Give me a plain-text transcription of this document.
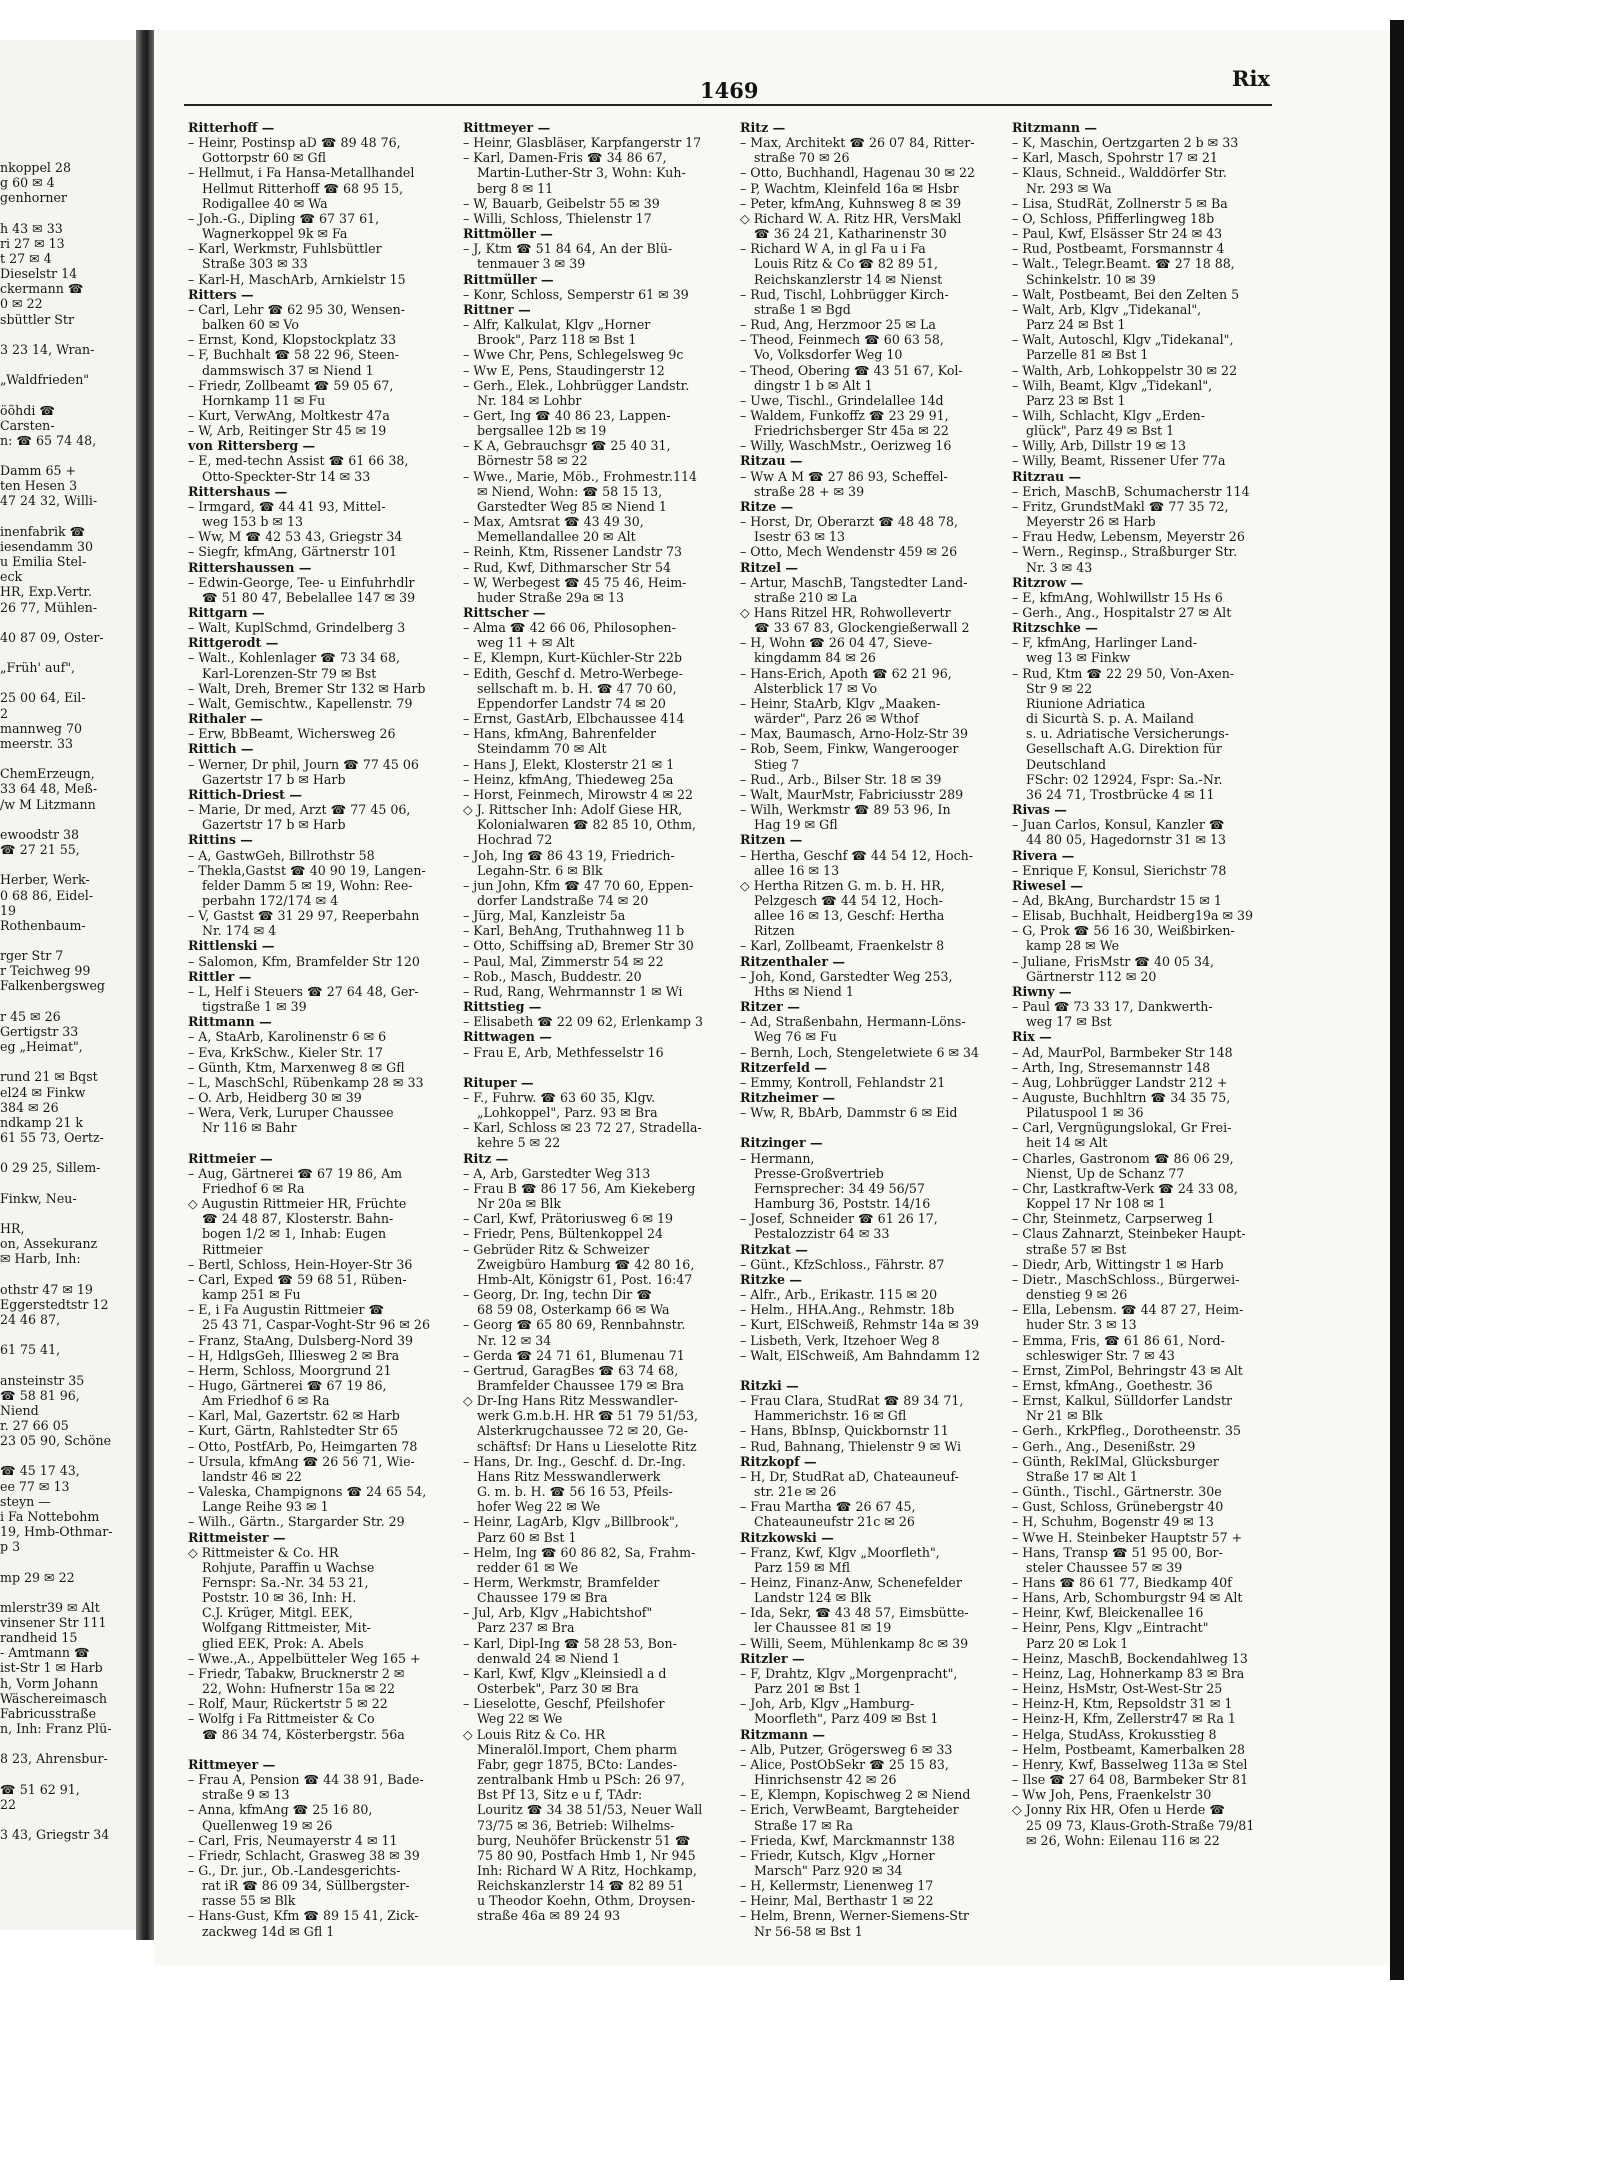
nkoppel 28
g 60 ✉ 4
genhorner

h 43 ✉ 33
ri 27 ✉ 13
t 27 ✉ 4
Dieselstr 14
ckermann ☎
0 ✉ 22
sbüttler Str

3 23 14, Wran-

„Waldfrieden"

öõhdi ☎
Carsten-
n: ☎ 65 74 48,

Damm 65 +
ten Hesen 3
47 24 32, Willi-

inenfabrik ☎
iesendamm 30
u Emilia Stel-
eck
HR, Exp.Vertr.
26 77, Mühlen-

40 87 09, Oster-

„Früh' auf",

25 00 64, Eil-
2
mannweg 70
meerstr. 33

ChemErzeugn,
33 64 48, Meß-
/w M Litzmann

ewoodstr 38
☎ 27 21 55,

Herber, Werk-
0 68 86, Eidel-
19
Rothenbaum-

rger Str 7
r Teichweg 99
Falkenbergsweg

r 45 ✉ 26
Gertigstr 33
eg „Heimat",

rund 21 ✉ Bqst
el24 ✉ Finkw
384 ✉ 26
ndkamp 21 k
61 55 73, Oertz-

0 29 25, Sillem-

Finkw, Neu-

HR,
on, Assekuranz
✉ Harb, Inh:

othstr 47 ✉ 19
Eggerstedtstr 12
24 46 87,

61 75 41,

ansteinstr 35
☎ 58 81 96,
Niend
r. 27 66 05
23 05 90, Schöne

☎ 45 17 43,
ee 77 ✉ 13
steyn —
i Fa Nottebohm
19, Hmb-Othmar-
p 3

mp 29 ✉ 22

mlerstr39 ✉ Alt
vinsener Str 111
randheid 15
- Amtmann ☎
ist-Str 1 ✉ Harb
h, Vorm Johann
Wäschereimasch
Fabricusstraße
n, Inh: Franz Plü-

8 23, Ahrensbur-

☎ 51 62 91,
22

3 43, Griegstr 34
1469	Rix
Ritterhoff —
– Heinr, Postinsp aD ☎ 89 48 76,
Gottorpstr 60 ✉ Gfl
– Hellmut, i Fa Hansa-Metallhandel
Hellmut Ritterhoff ☎ 68 95 15,
Rodigallee 40 ✉ Wa
– Joh.-G., Dipling ☎ 67 37 61,
Wagnerkoppel 9k ✉ Fa
– Karl, Werkmstr, Fuhlsbüttler
Straße 303 ✉ 33
– Karl-H, MaschArb, Arnkielstr 15
Ritters —
– Carl, Lehr ☎ 62 95 30, Wensen-
balken 60 ✉ Vo
– Ernst, Kond, Klopstockplatz 33
– F, Buchhalt ☎ 58 22 96, Steen-
dammswisch 37 ✉ Niend 1
– Friedr, Zollbeamt ☎ 59 05 67,
Hornkamp 11 ✉ Fu
– Kurt, VerwAng, Moltkestr 47a
– W, Arb, Reitinger Str 45 ✉ 19
von Rittersberg —
– E, med-techn Assist ☎ 61 66 38,
Otto-Speckter-Str 14 ✉ 33
Rittershaus —
– Irmgard, ☎ 44 41 93, Mittel-
weg 153 b ✉ 13
– Ww, M ☎ 42 53 43, Griegstr 34
– Siegfr, kfmAng, Gärtnerstr 101
Rittershaussen —
– Edwin-George, Tee- u Einfuhrhdlr
☎ 51 80 47, Bebelallee 147 ✉ 39
Rittgarn —
– Walt, KuplSchmd, Grindelberg 3
Rittgerodt —
– Walt., Kohlenlager ☎ 73 34 68,
Karl-Lorenzen-Str 79 ✉ Bst
– Walt, Dreh, Bremer Str 132 ✉ Harb
– Walt, Gemischtw., Kapellenstr. 79
Rithaler —
– Erw, BbBeamt, Wichersweg 26
Rittich —
– Werner, Dr phil, Journ ☎ 77 45 06
Gazertstr 17 b ✉ Harb
Rittich-Driest —
– Marie, Dr med, Arzt ☎ 77 45 06,
Gazertstr 17 b ✉ Harb
Rittins —
– A, GastwGeh, Billrothstr 58
– Thekla,Gastst ☎ 40 90 19, Langen-
felder Damm 5 ✉ 19, Wohn: Ree-
perbahn 172/174 ✉ 4
– V, Gastst ☎ 31 29 97, Reeperbahn
Nr. 174 ✉ 4
Rittlenski —
– Salomon, Kfm, Bramfelder Str 120
Rittler —
– L, Helf i Steuers ☎ 27 64 48, Ger-
tigstraße 1 ✉ 39
Rittmann —
– A, StaArb, Karolinenstr 6 ✉ 6
– Eva, KrkSchw., Kieler Str. 17
– Günth, Ktm, Marxenweg 8 ✉ Gfl
– L, MaschSchl, Rübenkamp 28 ✉ 33
– O. Arb, Heidberg 30 ✉ 39
– Wera, Verk, Luruper Chaussee
Nr 116 ✉ Bahr

Rittmeier —
– Aug, Gärtnerei ☎ 67 19 86, Am
Friedhof 6 ✉ Ra
◇ Augustin Rittmeier HR, Früchte
☎ 24 48 87, Klosterstr. Bahn-
bogen 1/2 ✉ 1, Inhab: Eugen
Rittmeier
– Bertl, Schloss, Hein-Hoyer-Str 36
– Carl, Exped ☎ 59 68 51, Rüben-
kamp 251 ✉ Fu
– E, i Fa Augustin Rittmeier ☎
25 43 71, Caspar-Voght-Str 96 ✉ 26
– Franz, StaAng, Dulsberg-Nord 39
– H, HdlgsGeh, Illiesweg 2 ✉ Bra
– Herm, Schloss, Moorgrund 21
– Hugo, Gärtnerei ☎ 67 19 86,
Am Friedhof 6 ✉ Ra
– Karl, Mal, Gazertstr. 62 ✉ Harb
– Kurt, Gärtn, Rahlstedter Str 65
– Otto, PostfArb, Po, Heimgarten 78
– Ursula, kfmAng ☎ 26 56 71, Wie-
landstr 46 ✉ 22
– Valeska, Champignons ☎ 24 65 54,
Lange Reihe 93 ✉ 1
– Wilh., Gärtn., Stargarder Str. 29
Rittmeister —
◇ Rittmeister & Co. HR
Rohjute, Paraffin u Wachse
Fernspr: Sa.-Nr. 34 53 21,
Poststr. 10 ✉ 36, Inh: H.
C.J. Krüger, Mitgl. EEK,
Wolfgang Rittmeister, Mit-
glied EEK, Prok: A. Abels
– Wwe.,A., Appelbütteler Weg 165 +
– Friedr, Tabakw, Brucknerstr 2 ✉
22, Wohn: Hufnerstr 15a ✉ 22
– Rolf, Maur, Rückertstr 5 ✉ 22
– Wolfg i Fa Rittmeister & Co
☎ 86 34 74, Kösterbergstr. 56a

Rittmeyer —
– Frau A, Pension ☎ 44 38 91, Bade-
straße 9 ✉ 13
– Anna, kfmAng ☎ 25 16 80,
Quellenweg 19 ✉ 26
– Carl, Fris, Neumayerstr 4 ✉ 11
– Friedr, Schlacht, Grasweg 38 ✉ 39
– G., Dr. jur., Ob.-Landesgerichts-
rat iR ☎ 86 09 34, Süllbergster-
rasse 55 ✉ Blk
– Hans-Gust, Kfm ☎ 89 15 41, Zick-
zackweg 14d ✉ Gfl 1
Rittmeyer —
– Heinr, Glasbläser, Karpfangerstr 17
– Karl, Damen-Fris ☎ 34 86 67,
Martin-Luther-Str 3, Wohn: Kuh-
berg 8 ✉ 11
– W, Bauarb, Geibelstr 55 ✉ 39
– Willi, Schloss, Thielenstr 17
Rittmöller —
– J, Ktm ☎ 51 84 64, An der Blü-
tenmauer 3 ✉ 39
Rittmüller —
– Konr, Schloss, Semperstr 61 ✉ 39
Rittner —
– Alfr, Kalkulat, Klgv „Horner
Brook", Parz 118 ✉ Bst 1
– Wwe Chr, Pens, Schlegelsweg 9c
– Ww E, Pens, Staudingerstr 12
– Gerh., Elek., Lohbrügger Landstr.
Nr. 184 ✉ Lohbr
– Gert, Ing ☎ 40 86 23, Lappen-
bergsallee 12b ✉ 19
– K A, Gebrauchsgr ☎ 25 40 31,
Börnestr 58 ✉ 22
– Wwe., Marie, Möb., Frohmestr.114
✉ Niend, Wohn: ☎ 58 15 13,
Garstedter Weg 85 ✉ Niend 1
– Max, Amtsrat ☎ 43 49 30,
Memellandallee 20 ✉ Alt
– Reinh, Ktm, Rissener Landstr 73
– Rud, Kwf, Dithmarscher Str 54
– W, Werbegest ☎ 45 75 46, Heim-
huder Straße 29a ✉ 13
Rittscher —
– Alma ☎ 42 66 06, Philosophen-
weg 11 + ✉ Alt
– E, Klempn, Kurt-Küchler-Str 22b
– Edith, Geschf d. Metro-Werbege-
sellschaft m. b. H. ☎ 47 70 60,
Eppendorfer Landstr 74 ✉ 20
– Ernst, GastArb, Elbchaussee 414
– Hans, kfmAng, Bahrenfelder
Steindamm 70 ✉ Alt
– Hans J, Elekt, Klosterstr 21 ✉ 1
– Heinz, kfmAng, Thiedeweg 25a
– Horst, Feinmech, Mirowstr 4 ✉ 22
◇ J. Rittscher Inh: Adolf Giese HR,
Kolonialwaren ☎ 82 85 10, Othm,
Hochrad 72
– Joh, Ing ☎ 86 43 19, Friedrich-
Legahn-Str. 6 ✉ Blk
– jun John, Kfm ☎ 47 70 60, Eppen-
dorfer Landstraße 74 ✉ 20
– Jürg, Mal, Kanzleistr 5a
– Karl, BehAng, Truthahnweg 11 b
– Otto, Schiffsing aD, Bremer Str 30
– Paul, Mal, Zimmerstr 54 ✉ 22
– Rob., Masch, Buddestr. 20
– Rud, Rang, Wehrmannstr 1 ✉ Wi
Rittstieg —
– Elisabeth ☎ 22 09 62, Erlenkamp 3
Rittwagen —
– Frau E, Arb, Methfesselstr 16

Rituper —
– F., Fuhrw. ☎ 63 60 35, Klgv.
„Lohkoppel", Parz. 93 ✉ Bra
– Karl, Schloss ✉ 23 72 27, Stradella-
kehre 5 ✉ 22
Ritz —
– A, Arb, Garstedter Weg 313
– Frau B ☎ 86 17 56, Am Kiekeberg
Nr 20a ✉ Blk
– Carl, Kwf, Prätoriusweg 6 ✉ 19
– Friedr, Pens, Bültenkoppel 24
– Gebrüder Ritz & Schweizer
Zweigbüro Hamburg ☎ 42 80 16,
Hmb-Alt, Königstr 61, Post. 16:47
– Georg, Dr. Ing, techn Dir ☎
68 59 08, Osterkamp 66 ✉ Wa
– Georg ☎ 65 80 69, Rennbahnstr.
Nr. 12 ✉ 34
– Gerda ☎ 24 71 61, Blumenau 71
– Gertrud, GaragBes ☎ 63 74 68,
Bramfelder Chaussee 179 ✉ Bra
◇ Dr-Ing Hans Ritz Messwandler-
werk G.m.b.H. HR ☎ 51 79 51/53,
Alsterkrugchaussee 72 ✉ 20, Ge-
schäftsf: Dr Hans u Lieselotte Ritz
– Hans, Dr. Ing., Geschf. d. Dr.-Ing.
Hans Ritz Messwandlerwerk
G. m. b. H. ☎ 56 16 53, Pfeils-
hofer Weg 22 ✉ We
– Heinr, LagArb, Klgv „Billbrook",
Parz 60 ✉ Bst 1
– Helm, Ing ☎ 60 86 82, Sa, Frahm-
redder 61 ✉ We
– Herm, Werkmstr, Bramfelder
Chaussee 179 ✉ Bra
– Jul, Arb, Klgv „Habichtshof"
Parz 237 ✉ Bra
– Karl, Dipl-Ing ☎ 58 28 53, Bon-
denwald 24 ✉ Niend 1
– Karl, Kwf, Klgv „Kleinsiedl a d
Osterbek", Parz 30 ✉ Bra
– Lieselotte, Geschf, Pfeilshofer
Weg 22 ✉ We
◇ Louis Ritz & Co. HR
Mineralöl.Import, Chem pharm
Fabr, gegr 1875, BCto: Landes-
zentralbank Hmb u PSch: 26 97,
Bst Pf 13, Sitz e u f, TAdr:
Louritz ☎ 34 38 51/53, Neuer Wall
73/75 ✉ 36, Betrieb: Wilhelms-
burg, Neuhöfer Brückenstr 51 ☎
75 80 90, Postfach Hmb 1, Nr 945
Inh: Richard W A Ritz, Hochkamp,
Reichskanzlerstr 14 ☎ 82 89 51
u Theodor Koehn, Othm, Droysen-
straße 46a ✉ 89 24 93
Ritz —
– Max, Architekt ☎ 26 07 84, Ritter-
straße 70 ✉ 26
– Otto, Buchhandl, Hagenau 30 ✉ 22
– P, Wachtm, Kleinfeld 16a ✉ Hsbr
– Peter, kfmAng, Kuhnsweg 8 ✉ 39
◇ Richard W. A. Ritz HR, VersMakl
☎ 36 24 21, Katharinenstr 30
– Richard W A, in gl Fa u i Fa
Louis Ritz & Co ☎ 82 89 51,
Reichskanzlerstr 14 ✉ Nienst
– Rud, Tischl, Lohbrügger Kirch-
straße 1 ✉ Bgd
– Rud, Ang, Herzmoor 25 ✉ La
– Theod, Feinmech ☎ 60 63 58,
Vo, Volksdorfer Weg 10
– Theod, Obering ☎ 43 51 67, Kol-
dingstr 1 b ✉ Alt 1
– Uwe, Tischl., Grindelallee 14d
– Waldem, Funkoffz ☎ 23 29 91,
Friedrichsberger Str 45a ✉ 22
– Willy, WaschMstr., Oerizweg 16
Ritzau —
– Ww A M ☎ 27 86 93, Scheffel-
straße 28 + ✉ 39
Ritze —
– Horst, Dr, Oberarzt ☎ 48 48 78,
Isestr 63 ✉ 13
– Otto, Mech Wendenstr 459 ✉ 26
Ritzel —
– Artur, MaschB, Tangstedter Land-
straße 210 ✉ La
◇ Hans Ritzel HR, Rohwollevertr
☎ 33 67 83, Glockengießerwall 2
– H, Wohn ☎ 26 04 47, Sieve-
kingdamm 84 ✉ 26
– Hans-Erich, Apoth ☎ 62 21 96,
Alsterblick 17 ✉ Vo
– Heinr, StaArb, Klgv „Maaken-
wärder", Parz 26 ✉ Wthof
– Max, Baumasch, Arno-Holz-Str 39
– Rob, Seem, Finkw, Wangerooger
Stieg 7
– Rud., Arb., Bilser Str. 18 ✉ 39
– Walt, MaurMstr, Fabriciusstr 289
– Wilh, Werkmstr ☎ 89 53 96, In
Hag 19 ✉ Gfl
Ritzen —
– Hertha, Geschf ☎ 44 54 12, Hoch-
allee 16 ✉ 13
◇ Hertha Ritzen G. m. b. H. HR,
Pelzgesch ☎ 44 54 12, Hoch-
allee 16 ✉ 13, Geschf: Hertha
Ritzen
– Karl, Zollbeamt, Fraenkelstr 8
Ritzenthaler —
– Joh, Kond, Garstedter Weg 253,
Hths ✉ Niend 1
Ritzer —
– Ad, Straßenbahn, Hermann-Löns-
Weg 76 ✉ Fu
– Bernh, Loch, Stengeletwiete 6 ✉ 34
Ritzerfeld —
– Emmy, Kontroll, Fehlandstr 21
Ritzheimer —
– Ww, R, BbArb, Dammstr 6 ✉ Eid

Ritzinger —
– Hermann,
Presse-Großvertrieb
Fernsprecher: 34 49 56/57
Hamburg 36, Poststr. 14/16
– Josef, Schneider ☎ 61 26 17,
Pestalozzistr 64 ✉ 33
Ritzkat —
– Günt., KfzSchloss., Fährstr. 87
Ritzke —
– Alfr., Arb., Erikastr. 115 ✉ 20
– Helm., HHA.Ang., Rehmstr. 18b
– Kurt, ElSchweiß, Rehmstr 14a ✉ 39
– Lisbeth, Verk, Itzehoer Weg 8
– Walt, ElSchweiß, Am Bahndamm 12

Ritzki —
– Frau Clara, StudRat ☎ 89 34 71,
Hammerichstr. 16 ✉ Gfl
– Hans, BbInsp, Quickbornstr 11
– Rud, Bahnang, Thielenstr 9 ✉ Wi
Ritzkopf —
– H, Dr, StudRat aD, Chateauneuf-
str. 21e ✉ 26
– Frau Martha ☎ 26 67 45,
Chateauneufstr 21c ✉ 26
Ritzkowski —
– Franz, Kwf, Klgv „Moorfleth",
Parz 159 ✉ Mfl
– Heinz, Finanz-Anw, Schenefelder
Landstr 124 ✉ Blk
– Ida, Sekr, ☎ 43 48 57, Eimsbütte-
ler Chaussee 81 ✉ 19
– Willi, Seem, Mühlenkamp 8c ✉ 39
Ritzler —
– F, Drahtz, Klgv „Morgenpracht",
Parz 201 ✉ Bst 1
– Joh, Arb, Klgv „Hamburg-
Moorfleth", Parz 409 ✉ Bst 1
Ritzmann —
– Alb, Putzer, Grögersweg 6 ✉ 33
– Alice, PostObSekr ☎ 25 15 83,
Hinrichsenstr 42 ✉ 26
– E, Klempn, Kopischweg 2 ✉ Niend
– Erich, VerwBeamt, Bargteheider
Straße 17 ✉ Ra
– Frieda, Kwf, Marckmannstr 138
– Friedr, Kutsch, Klgv „Horner
Marsch" Parz 920 ✉ 34
– H, Kellermstr, Lienenweg 17
– Heinr, Mal, Berthastr 1 ✉ 22
– Helm, Brenn, Werner-Siemens-Str
Nr 56-58 ✉ Bst 1
Ritzmann —
– K, Maschin, Oertzgarten 2 b ✉ 33
– Karl, Masch, Spohrstr 17 ✉ 21
– Klaus, Schneid., Walddörfer Str.
Nr. 293 ✉ Wa
– Lisa, StudRät, Zollnerstr 5 ✉ Ba
– O, Schloss, Pfifferlingweg 18b
– Paul, Kwf, Elsässer Str 24 ✉ 43
– Rud, Postbeamt, Forsmannstr 4
– Walt., Telegr.Beamt. ☎ 27 18 88,
Schinkelstr. 10 ✉ 39
– Walt, Postbeamt, Bei den Zelten 5
– Walt, Arb, Klgv „Tidekanal",
Parz 24 ✉ Bst 1
– Walt, Autoschl, Klgv „Tidekanal",
Parzelle 81 ✉ Bst 1
– Walth, Arb, Lohkoppelstr 30 ✉ 22
– Wilh, Beamt, Klgv „Tidekanl",
Parz 23 ✉ Bst 1
– Wilh, Schlacht, Klgv „Erden-
glück", Parz 49 ✉ Bst 1
– Willy, Arb, Dillstr 19 ✉ 13
– Willy, Beamt, Rissener Ufer 77a
Ritzrau —
– Erich, MaschB, Schumacherstr 114
– Fritz, GrundstMakl ☎ 77 35 72,
Meyerstr 26 ✉ Harb
– Frau Hedw, Lebensm, Meyerstr 26
– Wern., Reginsp., Straßburger Str.
Nr. 3 ✉ 43
Ritzrow —
– E, kfmAng, Wohlwillstr 15 Hs 6
– Gerh., Ang., Hospitalstr 27 ✉ Alt
Ritzschke —
– F, kfmAng, Harlinger Land-
weg 13 ✉ Finkw
– Rud, Ktm ☎ 22 29 50, Von-Axen-
Str 9 ✉ 22
Riunione Adriatica
di Sicurtà S. p. A. Mailand
s. u. Adriatische Versicherungs-
Gesellschaft A.G. Direktion für
Deutschland
FSchr: 02 12924, Fspr: Sa.-Nr.
36 24 71, Trostbrücke 4 ✉ 11
Rivas —
– Juan Carlos, Konsul, Kanzler ☎
44 80 05, Hagedornstr 31 ✉ 13
Rivera —
– Enrique F, Konsul, Sierichstr 78
Riwesel —
– Ad, BkAng, Burchardstr 15 ✉ 1
– Elisab, Buchhalt, Heidberg19a ✉ 39
– G, Prok ☎ 56 16 30, Weißbirken-
kamp 28 ✉ We
– Juliane, FrisMstr ☎ 40 05 34,
Gärtnerstr 112 ✉ 20
Riwny —
– Paul ☎ 73 33 17, Dankwerth-
weg 17 ✉ Bst
Rix —
– Ad, MaurPol, Barmbeker Str 148
– Arth, Ing, Stresemannstr 148
– Aug, Lohbrügger Landstr 212 +
– Auguste, Buchhltrn ☎ 34 35 75,
Pilatuspool 1 ✉ 36
– Carl, Vergnügungslokal, Gr Frei-
heit 14 ✉ Alt
– Charles, Gastronom ☎ 86 06 29,
Nienst, Up de Schanz 77
– Chr, Lastkraftw-Verk ☎ 24 33 08,
Koppel 17 Nr 108 ✉ 1
– Chr, Steinmetz, Carpserweg 1
– Claus Zahnarzt, Steinbeker Haupt-
straße 57 ✉ Bst
– Diedr, Arb, Wittingstr 1 ✉ Harb
– Dietr., MaschSchloss., Bürgerwei-
denstieg 9 ✉ 26
– Ella, Lebensm. ☎ 44 87 27, Heim-
huder Str. 3 ✉ 13
– Emma, Fris, ☎ 61 86 61, Nord-
schleswiger Str. 7 ✉ 43
– Ernst, ZimPol, Behringstr 43 ✉ Alt
– Ernst, kfmAng., Goethestr. 36
– Ernst, Kalkul, Sülldorfer Landstr
Nr 21 ✉ Blk
– Gerh., KrkPfleg., Dorotheenstr. 35
– Gerh., Ang., Desenißstr. 29
– Günth, RekIMal, Glücksburger
Straße 17 ✉ Alt 1
– Günth., Tischl., Gärtnerstr. 30e
– Gust, Schloss, Grünebergstr 40
– H, Schuhm, Bogenstr 49 ✉ 13
– Wwe H. Steinbeker Hauptstr 57 +
– Hans, Transp ☎ 51 95 00, Bor-
steler Chaussee 57 ✉ 39
– Hans ☎ 86 61 77, Biedkamp 40f
– Hans, Arb, Schomburgstr 94 ✉ Alt
– Heinr, Kwf, Bleickenallee 16
– Heinr, Pens, Klgv „Eintracht"
Parz 20 ✉ Lok 1
– Heinz, MaschB, Bockendahlweg 13
– Heinz, Lag, Hohnerkamp 83 ✉ Bra
– Heinz, HsMstr, Ost-West-Str 25
– Heinz-H, Ktm, Repsoldstr 31 ✉ 1
– Heinz-H, Kfm, Zellerstr47 ✉ Ra 1
– Helga, StudAss, Krokusstieg 8
– Helm, Postbeamt, Kamerbalken 28
– Henry, Kwf, Basselweg 113a ✉ Stel
– Ilse ☎ 27 64 08, Barmbeker Str 81
– Ww Joh, Pens, Fraenkelstr 30
◇ Jonny Rix HR, Ofen u Herde ☎
25 09 73, Klaus-Groth-Straße 79/81
✉ 26, Wohn: Eilenau 116 ✉ 22
